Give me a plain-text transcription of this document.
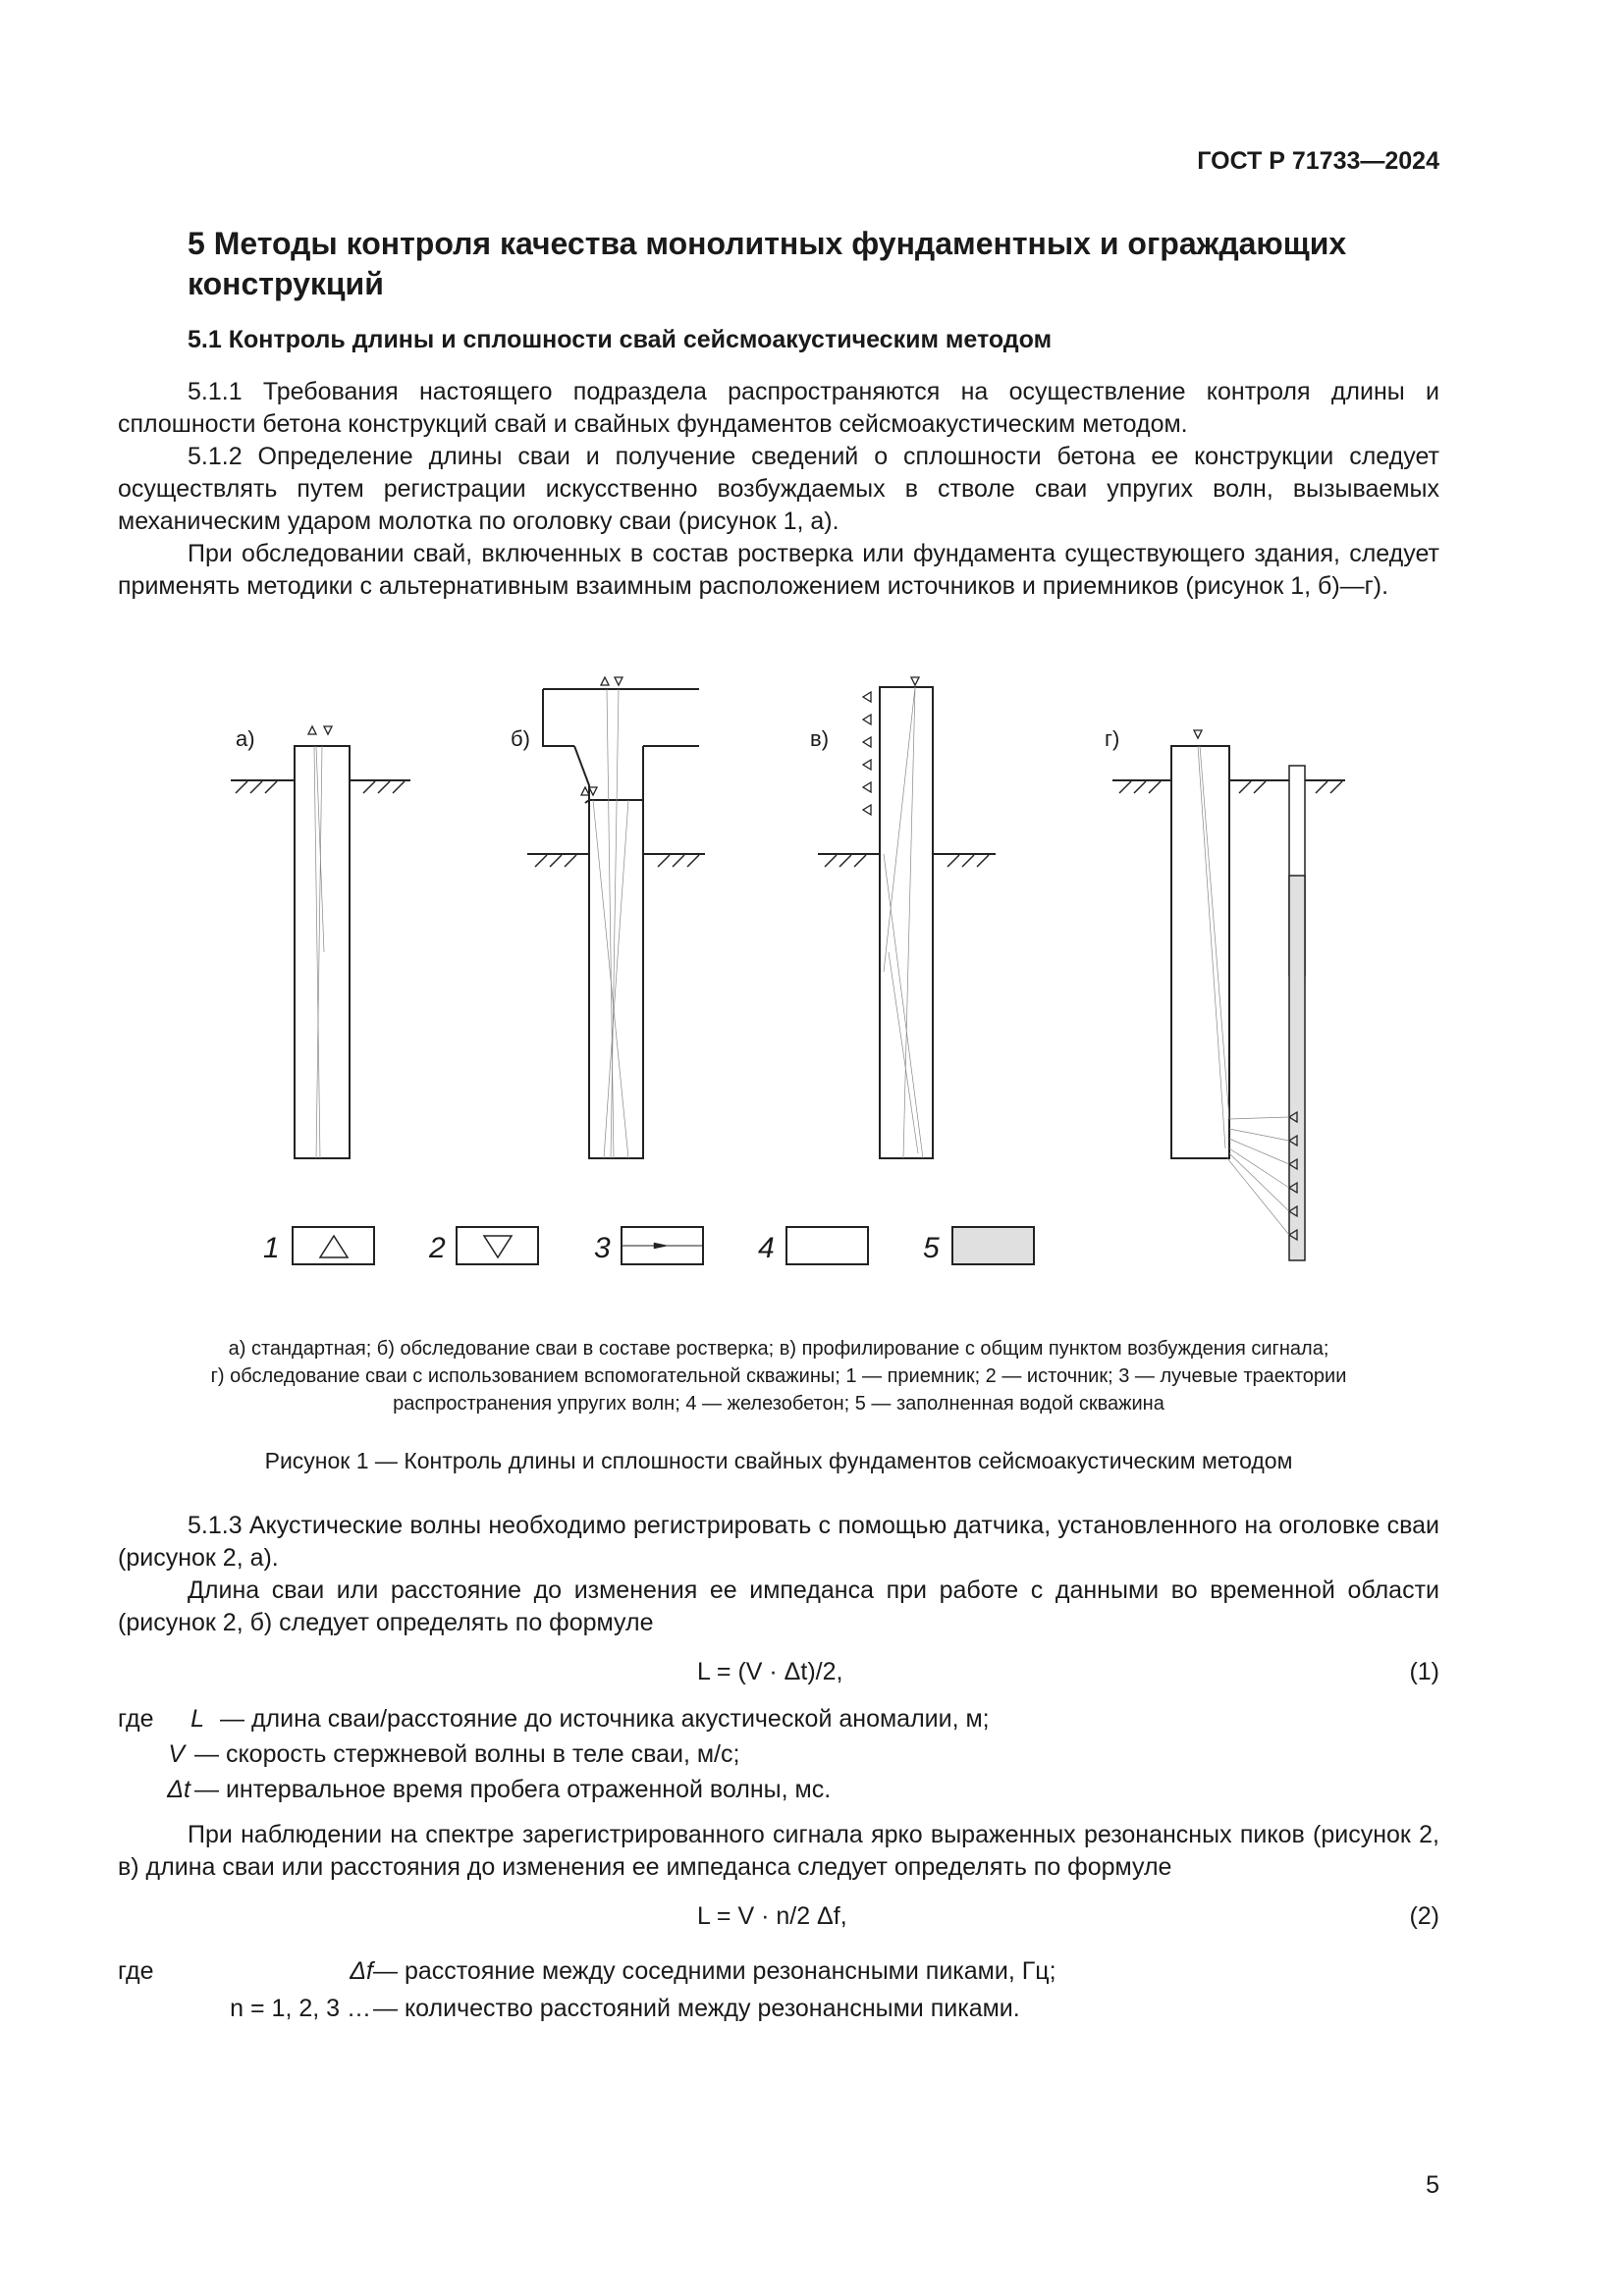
ГОСТ Р 71733—2024
5 Методы контроля качества монолитных фундаментных и ограждающих конструкций
5.1 Контроль длины и сплошности свай сейсмоакустическим методом
5.1.1 Требования настоящего подраздела распространяются на осуществление контроля длины и сплошности бетона конструкций свай и свайных фундаментов сейсмоакустическим методом.
5.1.2 Определение длины сваи и получение сведений о сплошности бетона ее конструкции следует осуществлять путем регистрации искусственно возбуждаемых в стволе сваи упругих волн, вызываемых механическим ударом молотка по оголовку сваи (рисунок 1, а).
При обследовании свай, включенных в состав ростверка или фундамента существующего здания, следует применять методики с альтернативным взаимным расположением источников и приемников (рисунок 1, б)—г).
а)	б)	в)	г)
1	2	3	4	5
а) стандартная; б) обследование сваи в составе ростверка; в) профилирование с общим пунктом возбуждения сигнала;
г) обследование сваи с использованием вспомогательной скважины; 1 — приемник; 2 — источник; 3 — лучевые траектории
распространения упругих волн; 4 — железобетон; 5 — заполненная водой скважина
Рисунок 1 — Контроль длины и сплошности свайных фундаментов сейсмоакустическим методом
5.1.3 Акустические волны необходимо регистрировать с помощью датчика, установленного на оголовке сваи (рисунок 2, а).
Длина сваи или расстояние до изменения ее импеданса при работе с данными во временной области (рисунок 2, б) следует определять по формуле
L = (V · Δt)/2,	(1)
где	L — длина сваи/расстояние до источника акустической аномалии, м;
V — скорость стержневой волны в теле сваи, м/с;
Δt — интервальное время пробега отраженной волны, мс.
При наблюдении на спектре зарегистрированного сигнала ярко выраженных резонансных пиков (рисунок 2, в) длина сваи или расстояния до изменения ее импеданса следует определять по формуле
L = V · n/2 Δf,	(2)
где	Δf — расстояние между соседними резонансными пиками, Гц;
n = 1, 2, 3 … — количество расстояний между резонансными пиками.
5
